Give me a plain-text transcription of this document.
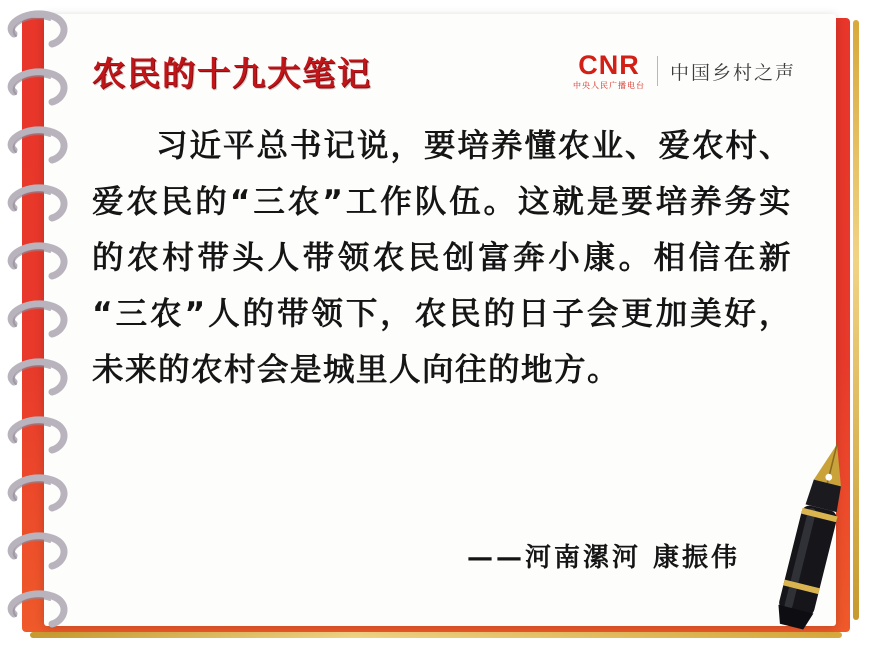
农民的十九大笔记	CNR
中央人民广播电台
中国乡村之声
习近平总书记说，要培养懂农业、爱农村、爱农民的“三农”工作队伍。这就是要培养务实的农村带头人带领农民创富奔小康。相信在新“三农”人的带领下，农民的日子会更加美好，未来的农村会是城里人向往的地方。
——河南漯河 康振伟
